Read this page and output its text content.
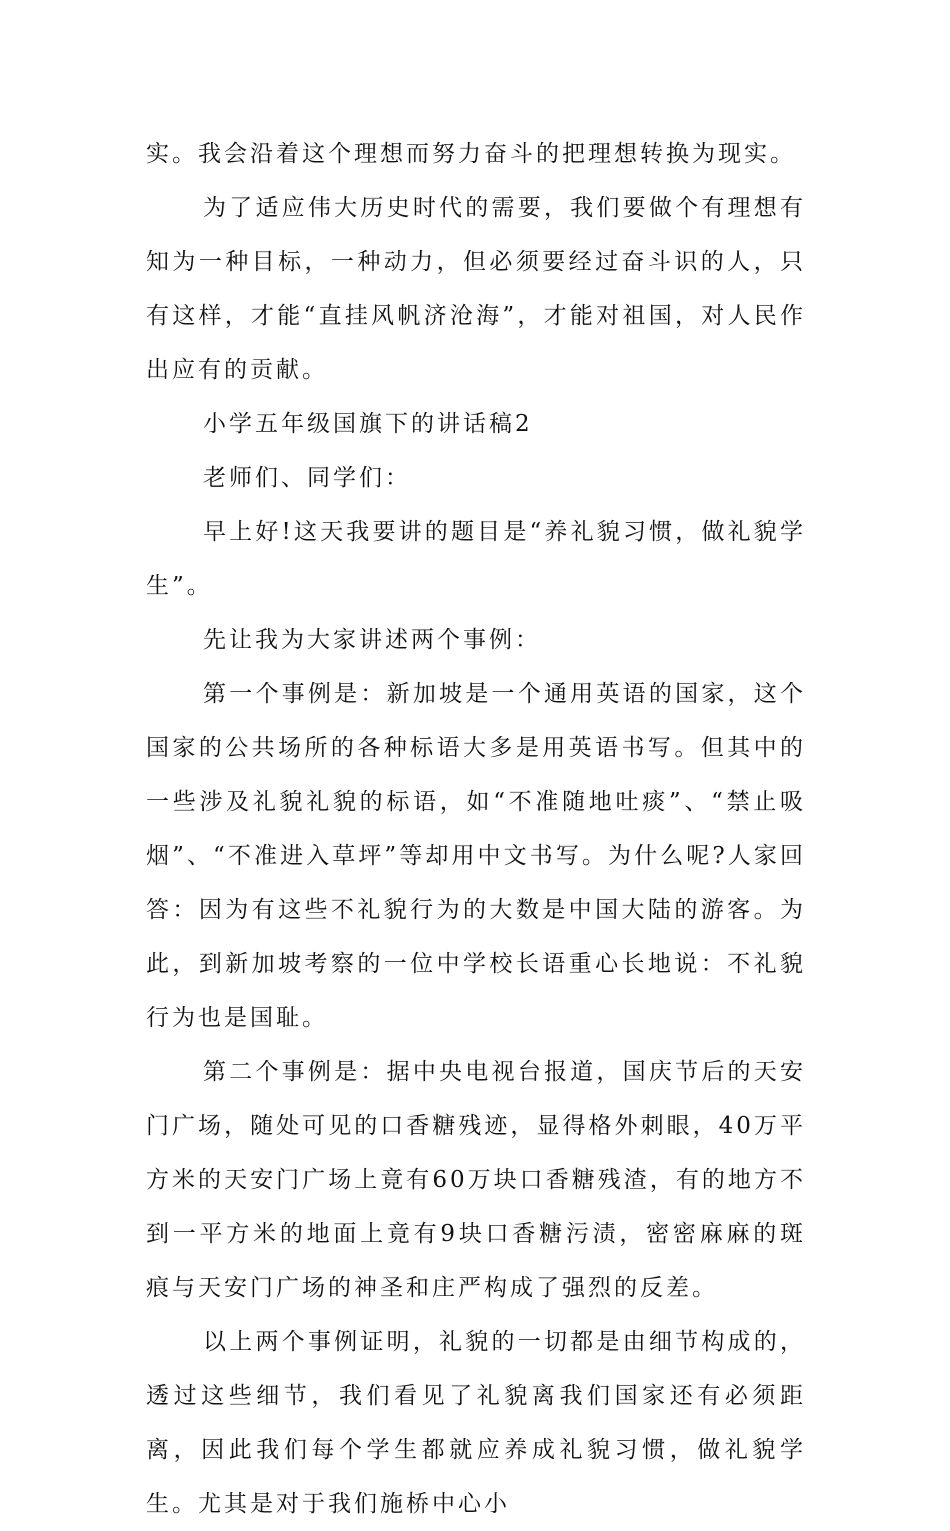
实。我会沿着这个理想而努力奋斗的把理想转换为现实。

为了适应伟大历史时代的需要，我们要做个有理想有知为一种目标，一种动力，但必须要经过奋斗识的人，只有这样，才能“直挂风帆济沧海”，才能对祖国，对人民作出应有的贡献。

小学五年级国旗下的讲话稿2

老师们、同学们：

早上好!这天我要讲的题目是“养礼貌习惯，做礼貌学生”。

先让我为大家讲述两个事例：

第一个事例是：新加坡是一个通用英语的国家，这个国家的公共场所的各种标语大多是用英语书写。但其中的一些涉及礼貌礼貌的标语，如“不准随地吐痰”、“禁止吸烟”、“不准进入草坪”等却用中文书写。为什么呢?人家回答：因为有这些不礼貌行为的大数是中国大陆的游客。为此，到新加坡考察的一位中学校长语重心长地说：不礼貌行为也是国耻。

第二个事例是：据中央电视台报道，国庆节后的天安门广场，随处可见的口香糖残迹，显得格外刺眼，40万平方米的天安门广场上竟有60万块口香糖残渣，有的地方不到一平方米的地面上竟有9块口香糖污渍，密密麻麻的斑痕与天安门广场的神圣和庄严构成了强烈的反差。

以上两个事例证明，礼貌的一切都是由细节构成的，透过这些细节，我们看见了礼貌离我们国家还有必须距离，因此我们每个学生都就应养成礼貌习惯，做礼貌学生。尤其是对于我们施桥中心小
